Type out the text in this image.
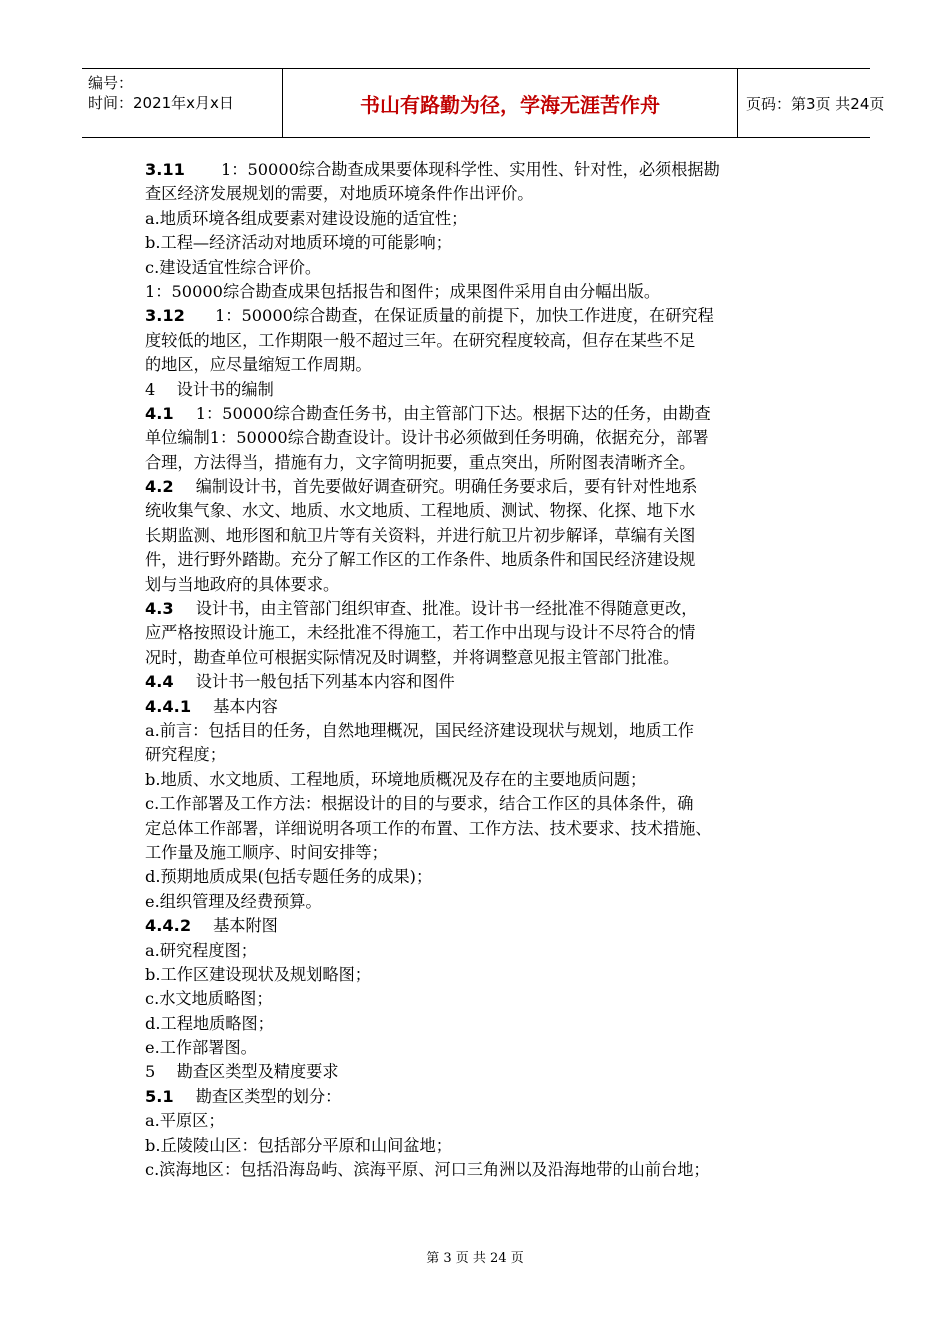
编号：
时间：2021年x月x日	书山有路勤为径，学海无涯苦作舟	页码：第3页 共24页
3.11 1：50000综合勘查成果要体现科学性、实用性、针对性，必须根据勘
查区经济发展规划的需要，对地质环境条件作出评价。
a.地质环境各组成要素对建设设施的适宜性；
b.工程—经济活动对地质环境的可能影响；
c.建设适宜性综合评价。
1：50000综合勘查成果包括报告和图件；成果图件采用自由分幅出版。
3.12 1：50000综合勘查，在保证质量的前提下，加快工作进度，在研究程
度较低的地区，工作期限一般不超过三年。在研究程度较高，但存在某些不足
的地区，应尽量缩短工作周期。
4　 设计书的编制
4.1 1：50000综合勘查任务书，由主管部门下达。根据下达的任务，由勘查
单位编制1：50000综合勘查设计。设计书必须做到任务明确，依据充分，部署
合理，方法得当，措施有力，文字简明扼要，重点突出，所附图表清晰齐全。
4.2 编制设计书，首先要做好调查研究。明确任务要求后，要有针对性地系
统收集气象、水文、地质、水文地质、工程地质、测试、物探、化探、地下水
长期监测、地形图和航卫片等有关资料，并进行航卫片初步解译，草编有关图
件，进行野外踏勘。充分了解工作区的工作条件、地质条件和国民经济建设规
划与当地政府的具体要求。
4.3 设计书，由主管部门组织审查、批准。设计书一经批准不得随意更改，
应严格按照设计施工，未经批准不得施工，若工作中出现与设计不尽符合的情
况时，勘查单位可根据实际情况及时调整，并将调整意见报主管部门批准。
4.4 设计书一般包括下列基本内容和图件
4.4.1 基本内容
a.前言：包括目的任务，自然地理概况，国民经济建设现状与规划，地质工作
研究程度；
b.地质、水文地质、工程地质，环境地质概况及存在的主要地质问题；
c.工作部署及工作方法：根据设计的目的与要求，结合工作区的具体条件，确
定总体工作部署，详细说明各项工作的布置、工作方法、技术要求、技术措施、
工作量及施工顺序、时间安排等；
d.预期地质成果(包括专题任务的成果)；
e.组织管理及经费预算。
4.4.2 基本附图
a.研究程度图；
b.工作区建设现状及规划略图；
c.水文地质略图；
d.工程地质略图；
e.工作部署图。
5　 勘查区类型及精度要求
5.1 勘查区类型的划分：
a.平原区；
b.丘陵陵山区：包括部分平原和山间盆地；
c.滨海地区：包括沿海岛屿、滨海平原、河口三角洲以及沿海地带的山前台地；
第 3 页 共 24 页
